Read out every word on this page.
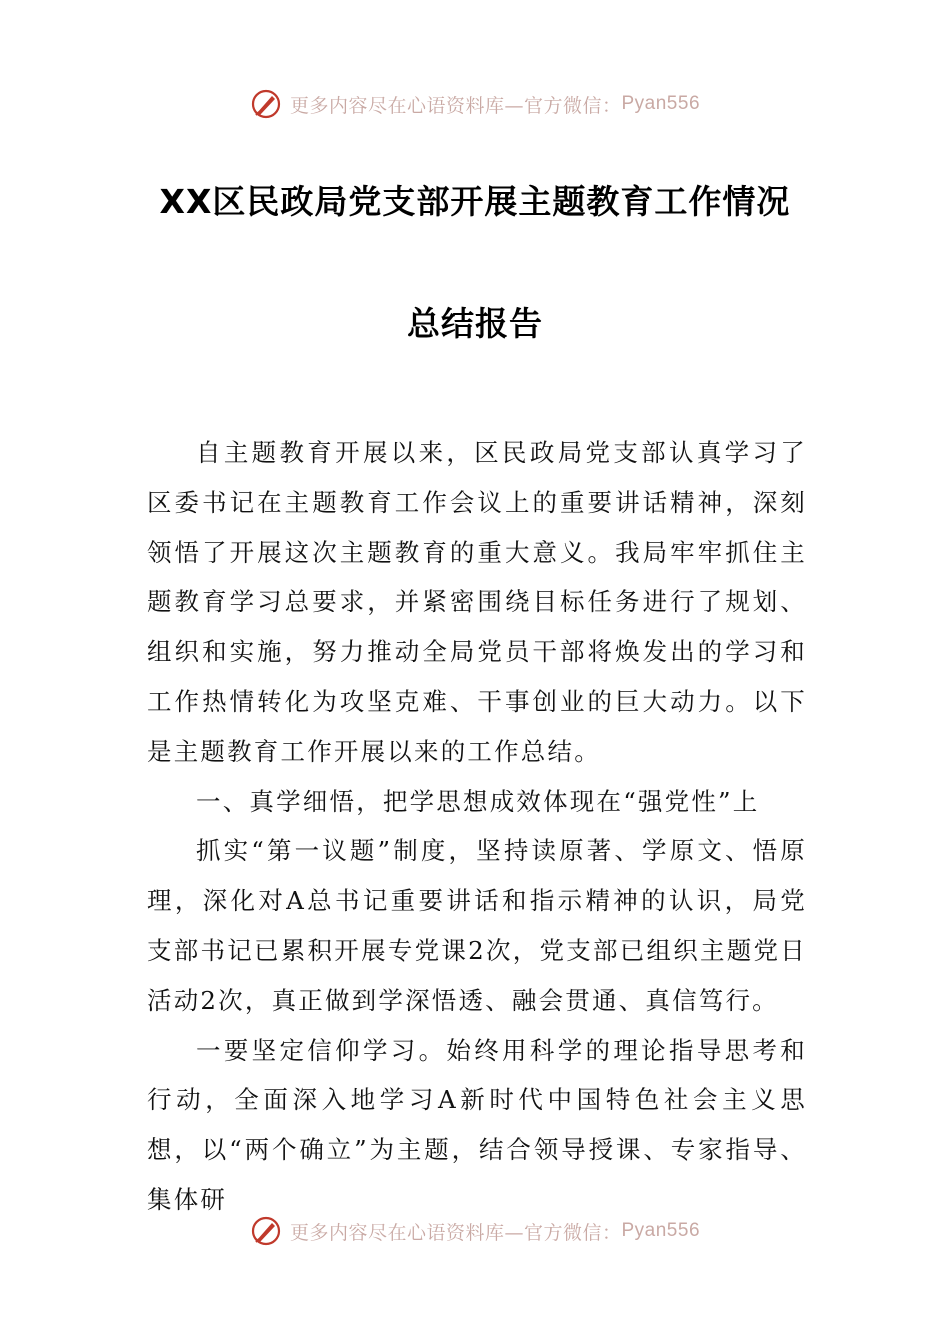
更多内容尽在心语资料库—官方微信： Pyan556
XX区民政局党支部开展主题教育工作情况
总结报告

自主题教育开展以来，区民政局党支部认真学习了区委书记在主题教育工作会议上的重要讲话精神，深刻领悟了开展这次主题教育的重大意义。我局牢牢抓住主题教育学习总要求，并紧密围绕目标任务进行了规划、组织和实施，努力推动全局党员干部将焕发出的学习和工作热情转化为攻坚克难、干事创业的巨大动力。以下是主题教育工作开展以来的工作总结。

一、真学细悟，把学思想成效体现在“强党性”上

抓实“第一议题”制度，坚持读原著、学原文、悟原理，深化对A总书记重要讲话和指示精神的认识，局党支部书记已累积开展专党课2次，党支部已组织主题党日活动2次，真正做到学深悟透、融会贯通、真信笃行。

一要坚定信仰学习。始终用科学的理论指导思考和行动，全面深入地学习A新时代中国特色社会主义思想，以“两个确立”为主题，结合领导授课、专家指导、集体研

更多内容尽在心语资料库—官方微信： Pyan556
